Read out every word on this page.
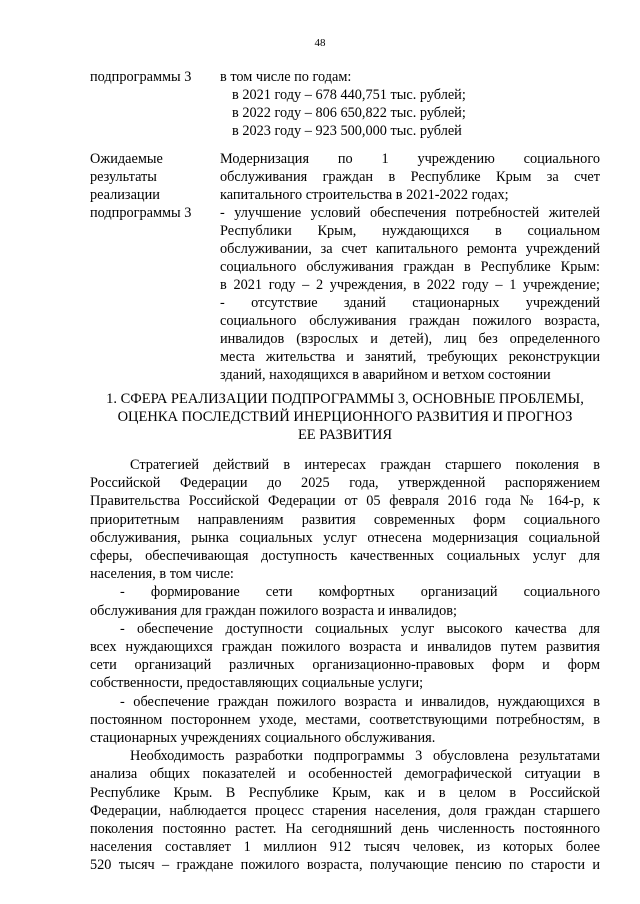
48
подпрограммы 3	в том числе по годам:
в 2021 году – 678 440,751 тыс. рублей;
в 2022 году – 806 650,822 тыс. рублей;
в 2023 году – 923 500,000 тыс. рублей
Ожидаемые
результаты
реализации
подпрограммы 3
Модернизация по 1 учреждению социального
обслуживания граждан в Республике Крым за счет
капитального строительства в 2021-2022 годах;
- улучшение условий обеспечения потребностей жителей
Республики Крым, нуждающихся в социальном
обслуживании, за счет капитального ремонта учреждений
социального обслуживания граждан в Республике Крым:
в 2021 году – 2 учреждения, в 2022 году – 1 учреждение;
- отсутствие зданий стационарных учреждений
социального обслуживания граждан пожилого возраста,
инвалидов (взрослых и детей), лиц без определенного
места жительства и занятий, требующих реконструкции
зданий, находящихся в аварийном и ветхом состоянии
1. СФЕРА РЕАЛИЗАЦИИ ПОДПРОГРАММЫ 3, ОСНОВНЫЕ ПРОБЛЕМЫ,
ОЦЕНКА ПОСЛЕДСТВИЙ ИНЕРЦИОННОГО РАЗВИТИЯ И ПРОГНОЗ
ЕЕ РАЗВИТИЯ

Стратегией действий в интересах граждан старшего поколения в
Российской Федерации до 2025 года, утвержденной распоряжением
Правительства Российской Федерации от 05 февраля 2016 года № 164-р, к
приоритетным направлениям развития современных форм социального
обслуживания, рынка социальных услуг отнесена модернизация социальной
сферы, обеспечивающая доступность качественных социальных услуг для
населения, в том числе:

- формирование сети комфортных организаций социального
обслуживания для граждан пожилого возраста и инвалидов;

- обеспечение доступности социальных услуг высокого качества для
всех нуждающихся граждан пожилого возраста и инвалидов путем развития
сети организаций различных организационно-правовых форм и форм
собственности, предоставляющих социальные услуги;

- обеспечение граждан пожилого возраста и инвалидов, нуждающихся в
постоянном постороннем уходе, местами, соответствующими потребностям, в
стационарных учреждениях социального обслуживания.

Необходимость разработки подпрограммы 3 обусловлена результатами
анализа общих показателей и особенностей демографической ситуации в
Республике Крым. В Республике Крым, как и в целом в Российской
Федерации, наблюдается процесс старения населения, доля граждан старшего
поколения постоянно растет. На сегодняшний день численность постоянного
населения составляет 1 миллион 912 тысяч человек, из которых более
520 тысяч – граждане пожилого возраста, получающие пенсию по старости и
